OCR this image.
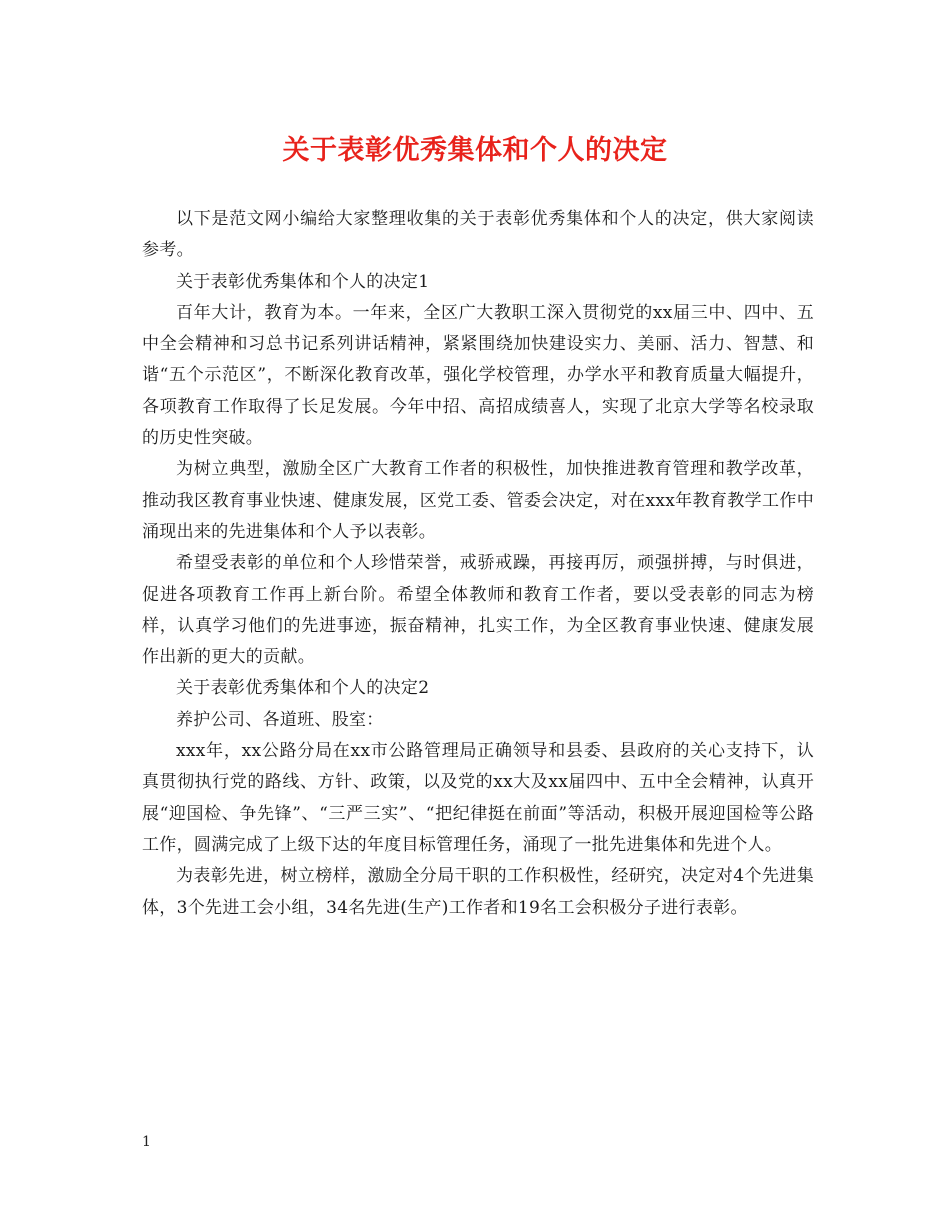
关于表彰优秀集体和个人的决定

以下是范文网小编给大家整理收集的关于表彰优秀集体和个人的决定，供大家阅读参考。

关于表彰优秀集体和个人的决定1

百年大计，教育为本。一年来，全区广大教职工深入贯彻党的xx届三中、四中、五中全会精神和习总书记系列讲话精神，紧紧围绕加快建设实力、美丽、活力、智慧、和谐“五个示范区”，不断深化教育改革，强化学校管理，办学水平和教育质量大幅提升，各项教育工作取得了长足发展。今年中招、高招成绩喜人，实现了北京大学等名校录取的历史性突破。

为树立典型，激励全区广大教育工作者的积极性，加快推进教育管理和教学改革，推动我区教育事业快速、健康发展，区党工委、管委会决定，对在xxx年教育教学工作中涌现出来的先进集体和个人予以表彰。

希望受表彰的单位和个人珍惜荣誉，戒骄戒躁，再接再厉，顽强拼搏，与时俱进，促进各项教育工作再上新台阶。希望全体教师和教育工作者，要以受表彰的同志为榜样，认真学习他们的先进事迹，振奋精神，扎实工作，为全区教育事业快速、健康发展作出新的更大的贡献。

关于表彰优秀集体和个人的决定2

养护公司、各道班、股室：

xxx年，xx公路分局在xx市公路管理局正确领导和县委、县政府的关心支持下，认真贯彻执行党的路线、方针、政策，以及党的xx大及xx届四中、五中全会精神，认真开展“迎国检、争先锋”、“三严三实”、“把纪律挺在前面”等活动，积极开展迎国检等公路工作，圆满完成了上级下达的年度目标管理任务，涌现了一批先进集体和先进个人。

为表彰先进，树立榜样，激励全分局干职的工作积极性，经研究，决定对4个先进集体，3个先进工会小组，34名先进(生产)工作者和19名工会积极分子进行表彰。

1
